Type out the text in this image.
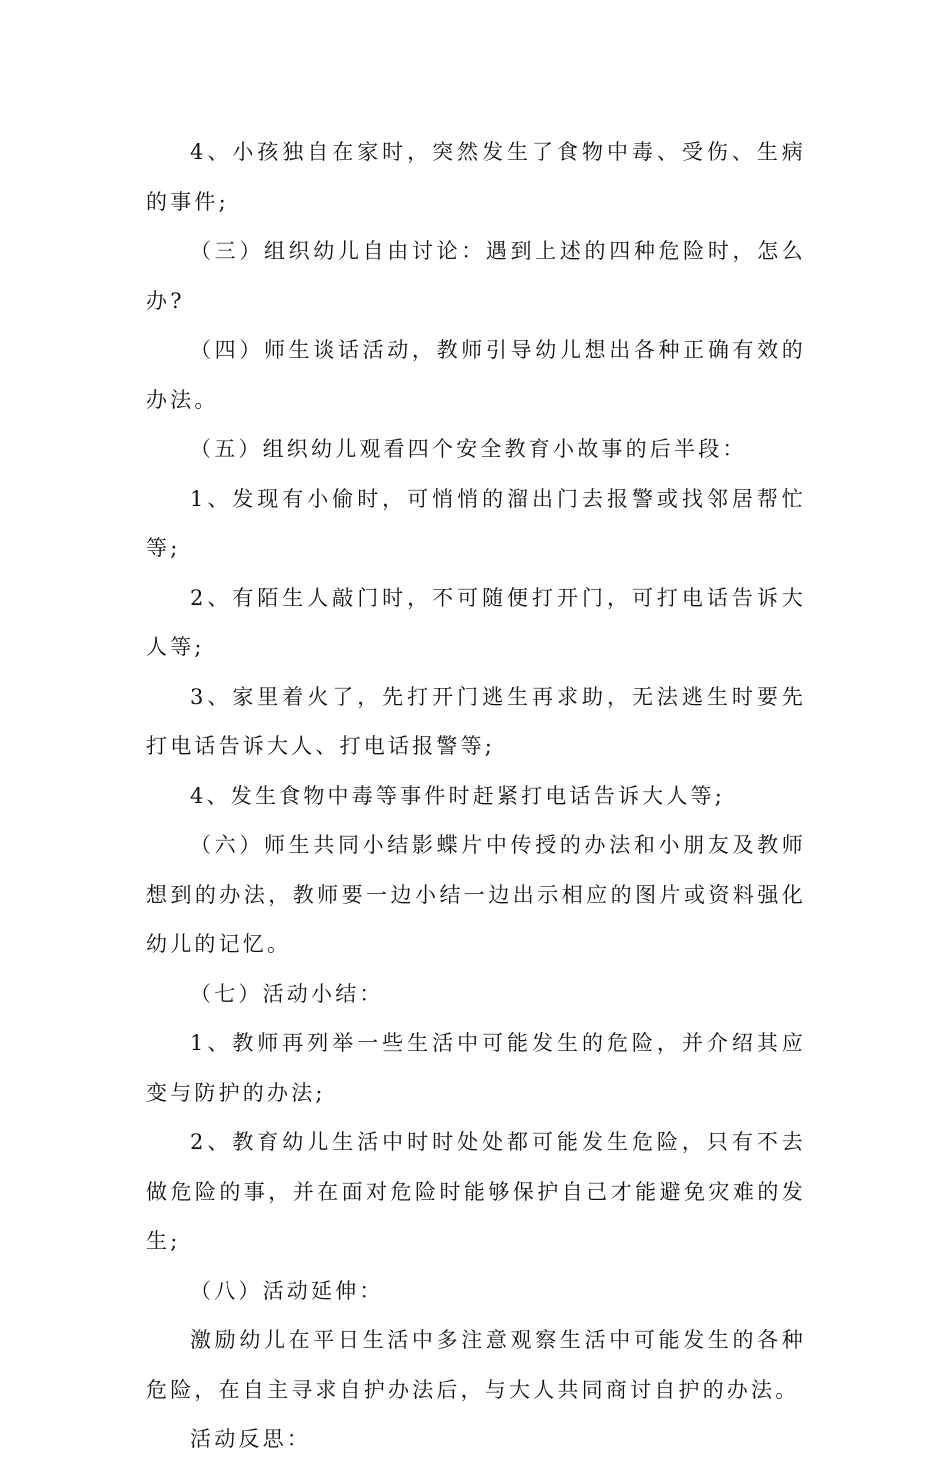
4、小孩独自在家时，突然发生了食物中毒、受伤、生病的事件;

（三）组织幼儿自由讨论：遇到上述的四种危险时，怎么办?

（四）师生谈话活动，教师引导幼儿想出各种正确有效的办法。

（五）组织幼儿观看四个安全教育小故事的后半段：

1、发现有小偷时，可悄悄的溜出门去报警或找邻居帮忙等;

2、有陌生人敲门时，不可随便打开门，可打电话告诉大人等;

3、家里着火了，先打开门逃生再求助，无法逃生时要先打电话告诉大人、打电话报警等;

4、发生食物中毒等事件时赶紧打电话告诉大人等;

（六）师生共同小结影蝶片中传授的办法和小朋友及教师想到的办法，教师要一边小结一边出示相应的图片或资料强化幼儿的记忆。

（七）活动小结：

1、教师再列举一些生活中可能发生的危险，并介绍其应变与防护的办法;

2、教育幼儿生活中时时处处都可能发生危险，只有不去做危险的事，并在面对危险时能够保护自己才能避免灾难的发生;

（八）活动延伸：

激励幼儿在平日生活中多注意观察生活中可能发生的各种危险，在自主寻求自护办法后，与大人共同商讨自护的办法。

活动反思：
